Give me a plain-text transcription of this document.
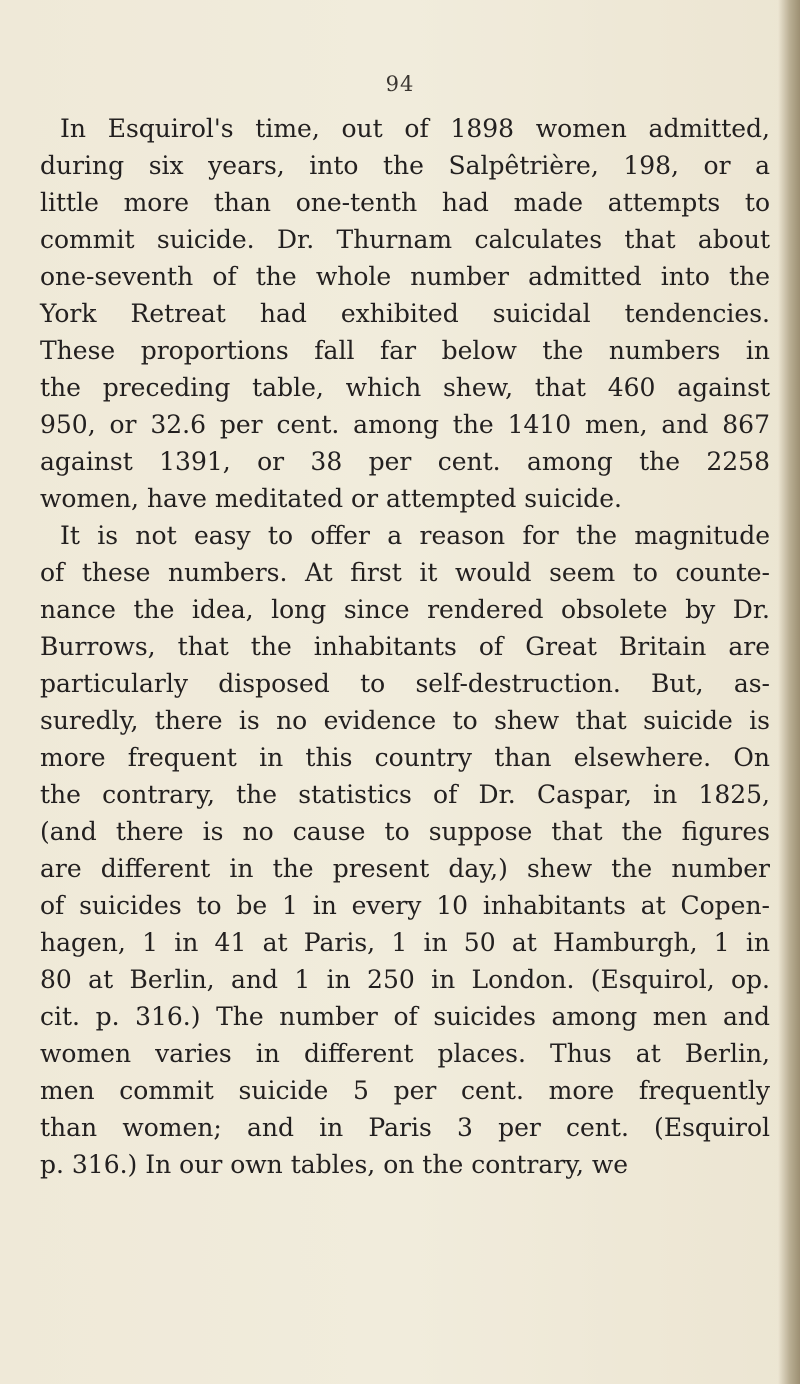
94
In Esquirol's time, out of 1898 women admitted,
during six years, into the Salpêtrière, 198, or a
little more than one-tenth had made attempts to
commit suicide. Dr. Thurnam calculates that about
one-seventh of the whole number admitted into the
York Retreat had exhibited suicidal tendencies.
These proportions fall far below the numbers in
the preceding table, which shew, that 460 against
950, or 32.6 per cent. among the 1410 men, and 867
against 1391, or 38 per cent. among the 2258
women, have meditated or attempted suicide.
It is not easy to offer a reason for the magnitude
of these numbers. At first it would seem to counte-
nance the idea, long since rendered obsolete by Dr.
Burrows, that the inhabitants of Great Britain are
particularly disposed to self-destruction. But, as-
suredly, there is no evidence to shew that suicide is
more frequent in this country than elsewhere. On
the contrary, the statistics of Dr. Caspar, in 1825,
(and there is no cause to suppose that the figures
are different in the present day,) shew the number
of suicides to be 1 in every 10 inhabitants at Copen-
hagen, 1 in 41 at Paris, 1 in 50 at Hamburgh, 1 in
80 at Berlin, and 1 in 250 in London. (Esquirol, op.
cit. p. 316.) The number of suicides among men and
women varies in different places. Thus at Berlin,
men commit suicide 5 per cent. more frequently
than women; and in Paris 3 per cent. (Esquirol
p. 316.) In our own tables, on the contrary, we
